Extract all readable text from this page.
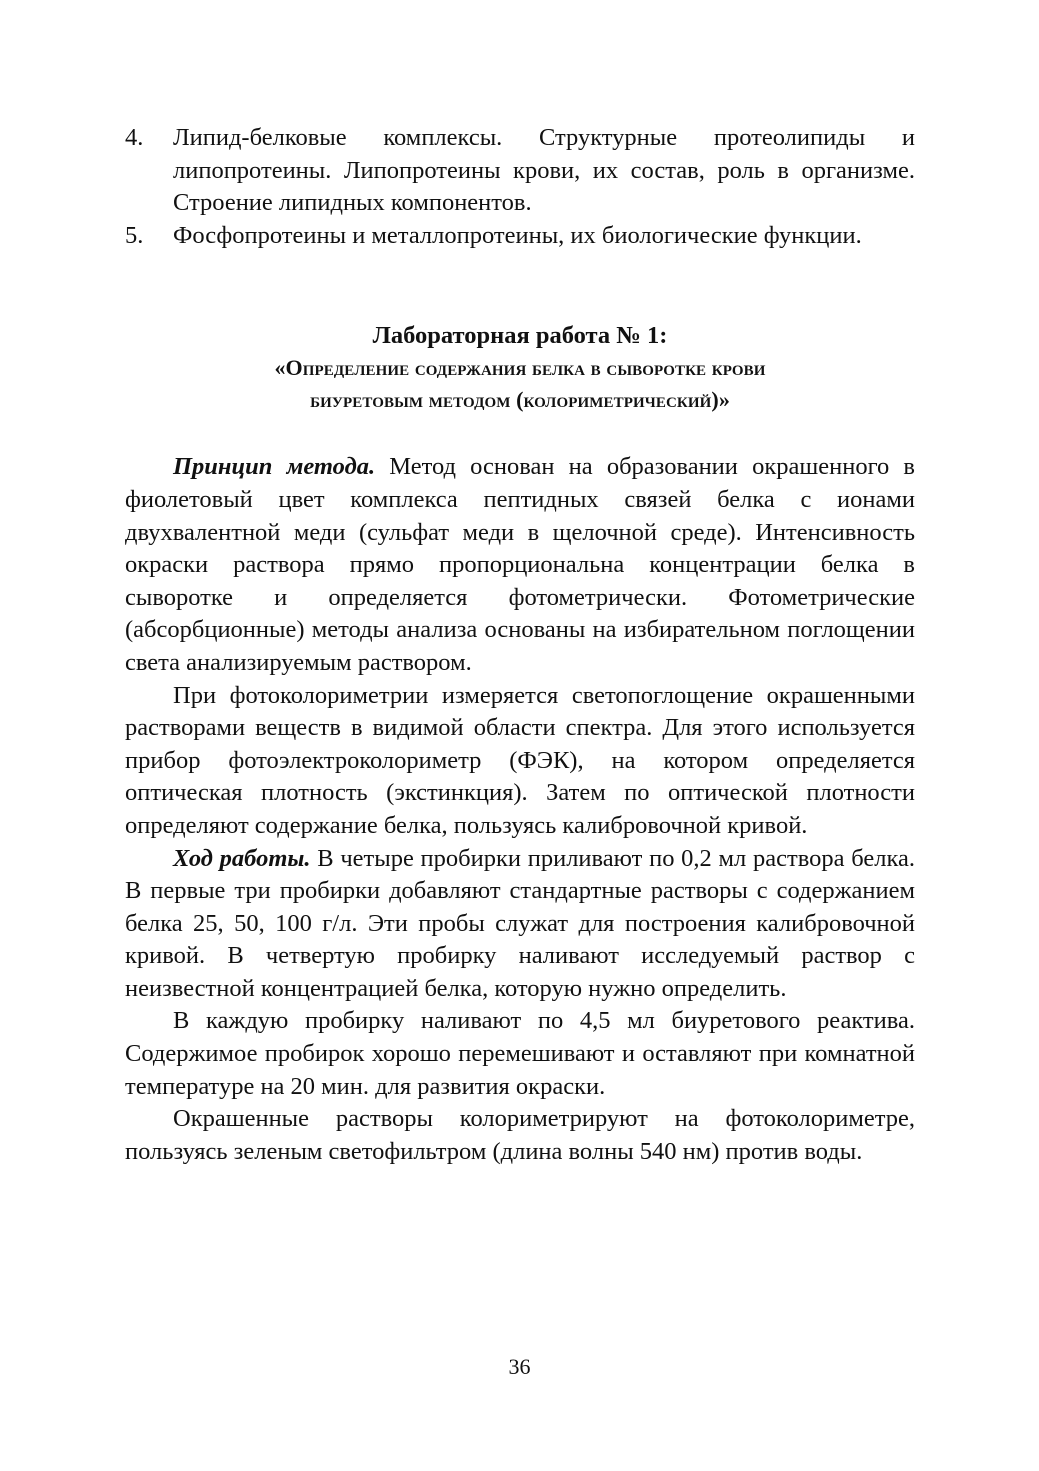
4. Липид-белковые комплексы. Структурные протеолипиды и липопротеины. Липопротеины крови, их состав, роль в организме. Строение липидных компонентов.
5. Фосфопротеины и металлопротеины, их биологические функции.
Лабораторная работа № 1:
«Определение содержания белка в сыворотке крови
биуретовым методом (колориметрический)»

Принцип метода. Метод основан на образовании окрашенного в фиолетовый цвет комплекса пептидных связей белка с ионами двухвалентной меди (сульфат меди в щелочной среде). Интенсивность окраски раствора прямо пропорциональна концентрации белка в сыворотке и определяется фотометрически. Фотометрические (абсорбционные) методы анализа основаны на избирательном поглощении света анализируемым раствором.

При фотоколориметрии измеряется светопоглощение окрашенными растворами веществ в видимой области спектра. Для этого используется прибор фотоэлектроколориметр (ФЭК), на котором определяется оптическая плотность (экстинкция). Затем по оптической плотности определяют содержание белка, пользуясь калибровочной кривой.

Ход работы. В четыре пробирки приливают по 0,2 мл раствора белка. В первые три пробирки добавляют стандартные растворы с содержанием белка 25, 50, 100 г/л. Эти пробы служат для построения калибровочной кривой. В четвертую пробирку наливают исследуемый раствор с неизвестной концентрацией белка, которую нужно определить.

В каждую пробирку наливают по 4,5 мл биуретового реактива. Содержимое пробирок хорошо перемешивают и оставляют при комнатной температуре на 20 мин. для развития окраски.

Окрашенные растворы колориметрируют на фотоколориметре, пользуясь зеленым светофильтром (длина волны 540 нм) против воды.

36
